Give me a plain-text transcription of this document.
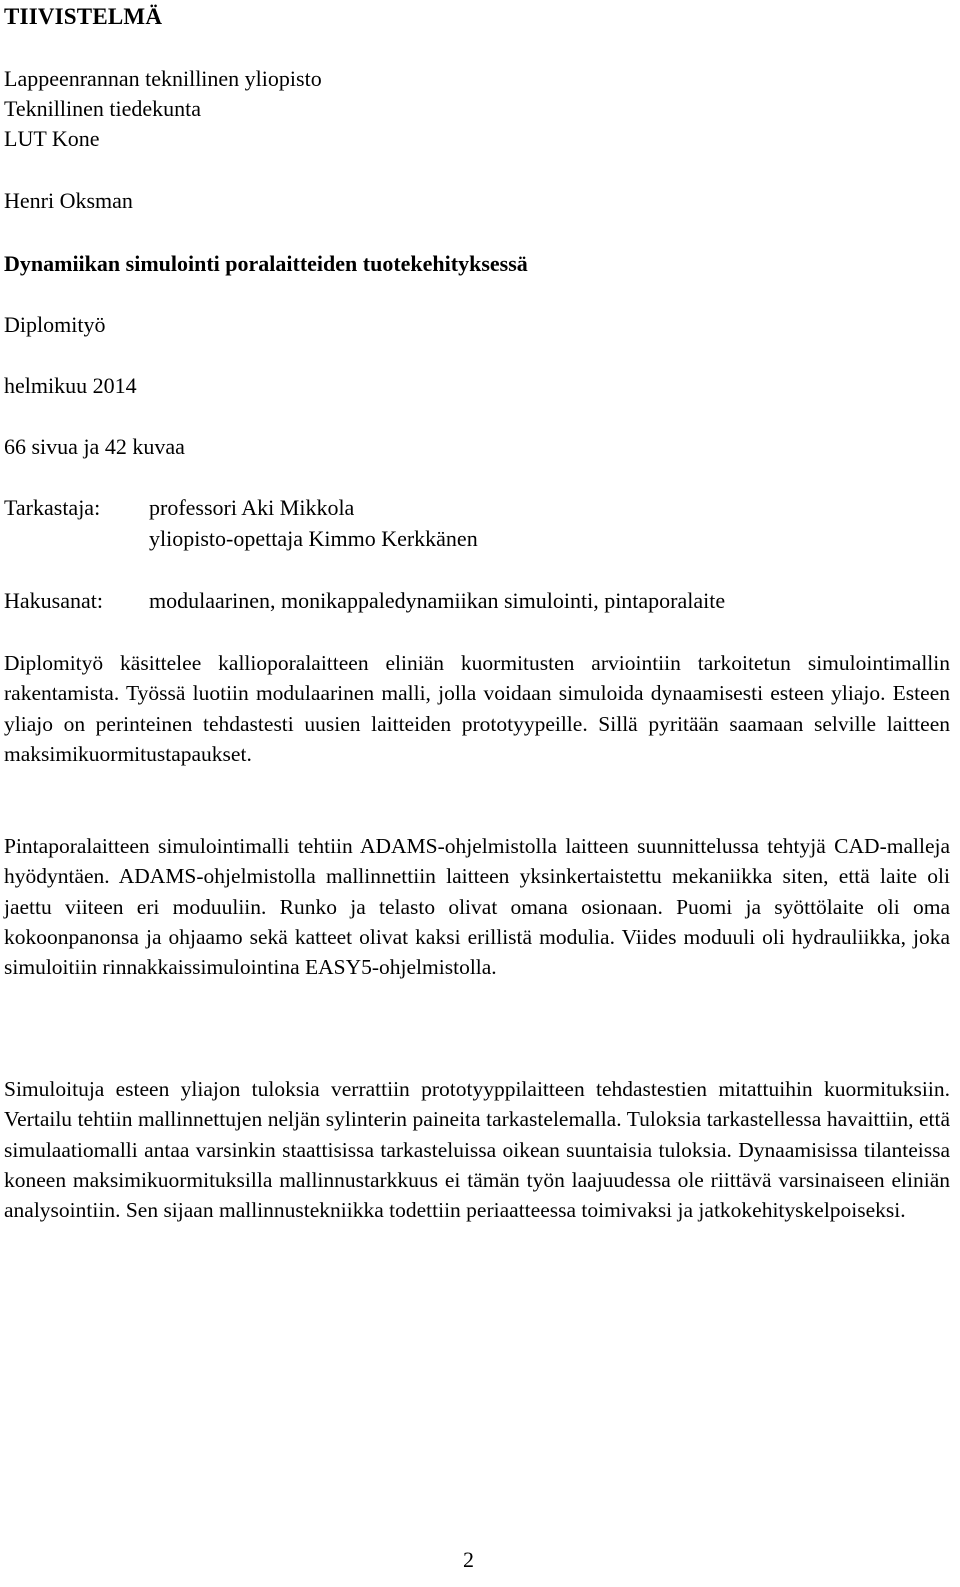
TIIVISTELMÄ
Lappeenrannan teknillinen yliopisto
Teknillinen tiedekunta
LUT Kone
Henri Oksman
Dynamiikan simulointi poralaitteiden tuotekehityksessä
Diplomityö
helmikuu 2014
66 sivua ja 42 kuvaa
Tarkastaja: professori Aki Mikkola
yliopisto-opettaja Kimmo Kerkkänen
Hakusanat: modulaarinen, monikappaledynamiikan simulointi, pintaporalaite
Diplomityö käsittelee kallioporalaitteen eliniän kuormitusten arviointiin tarkoitetun simulointimallin rakentamista. Työssä luotiin modulaarinen malli, jolla voidaan simuloida dynaamisesti esteen yliajo. Esteen yliajo on perinteinen tehdastesti uusien laitteiden prototyypeille. Sillä pyritään saamaan selville laitteen maksimikuormitustapaukset.
Pintaporalaitteen simulointimalli tehtiin ADAMS-ohjelmistolla laitteen suunnittelussa tehtyjä CAD-malleja hyödyntäen. ADAMS-ohjelmistolla mallinnettiin laitteen yksinkertaistettu mekaniikka siten, että laite oli jaettu viiteen eri moduuliin. Runko ja telasto olivat omana osionaan. Puomi ja syöttölaite oli oma kokoonpanonsa ja ohjaamo sekä katteet olivat kaksi erillistä modulia. Viides moduuli oli hydrauliikka, joka simuloitiin rinnakkaissimulointina EASY5-ohjelmistolla.
Simuloituja esteen yliajon tuloksia verrattiin prototyyppilaitteen tehdastestien mitattuihin kuormituksiin. Vertailu tehtiin mallinnettujen neljän sylinterin paineita tarkastelemalla. Tuloksia tarkastellessa havaittiin, että simulaatiomalli antaa varsinkin staattisissa tarkasteluissa oikean suuntaisia tuloksia. Dynaamisissa tilanteissa koneen maksimikuormituksilla mallinnustarkkuus ei tämän työn laajuudessa ole riittävä varsinaiseen eliniän analysointiin. Sen sijaan mallinnustekniikka todettiin periaatteessa toimivaksi ja jatkokehityskelpoiseksi.
2
